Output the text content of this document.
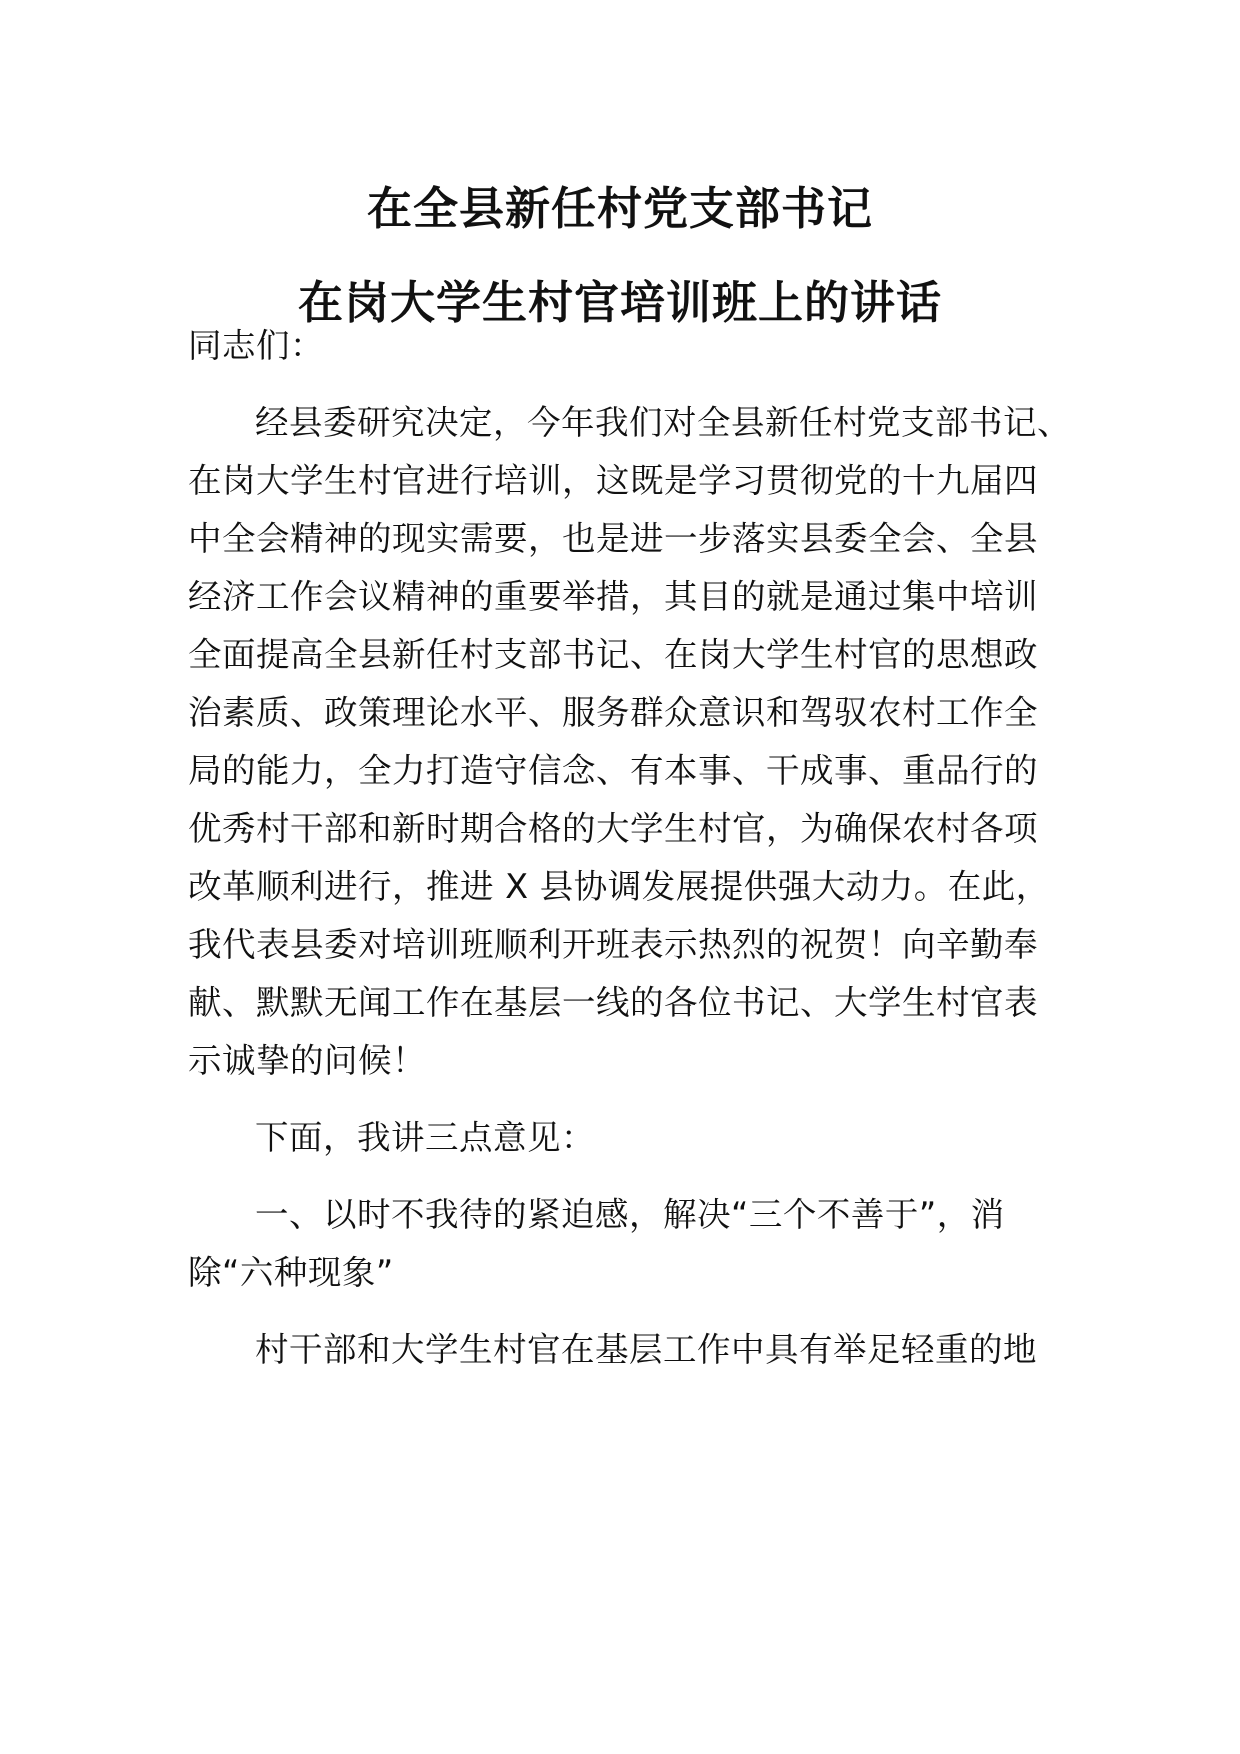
在全县新任村党支部书记
在岗大学生村官培训班上的讲话
同志们：
经县委研究决定，今年我们对全县新任村党支部书记、
在岗大学生村官进行培训，这既是学习贯彻党的十九届四
中全会精神的现实需要，也是进一步落实县委全会、全县
经济工作会议精神的重要举措，其目的就是通过集中培训
全面提高全县新任村支部书记、在岗大学生村官的思想政
治素质、政策理论水平、服务群众意识和驾驭农村工作全
局的能力，全力打造守信念、有本事、干成事、重品行的
优秀村干部和新时期合格的大学生村官，为确保农村各项
改革顺利进行，推进 X 县协调发展提供强大动力。在此，
我代表县委对培训班顺利开班表示热烈的祝贺！向辛勤奉
献、默默无闻工作在基层一线的各位书记、大学生村官表
示诚挚的问候！
下面，我讲三点意见：
一、以时不我待的紧迫感，解决“三个不善于”，消
除“六种现象”
村干部和大学生村官在基层工作中具有举足轻重的地
